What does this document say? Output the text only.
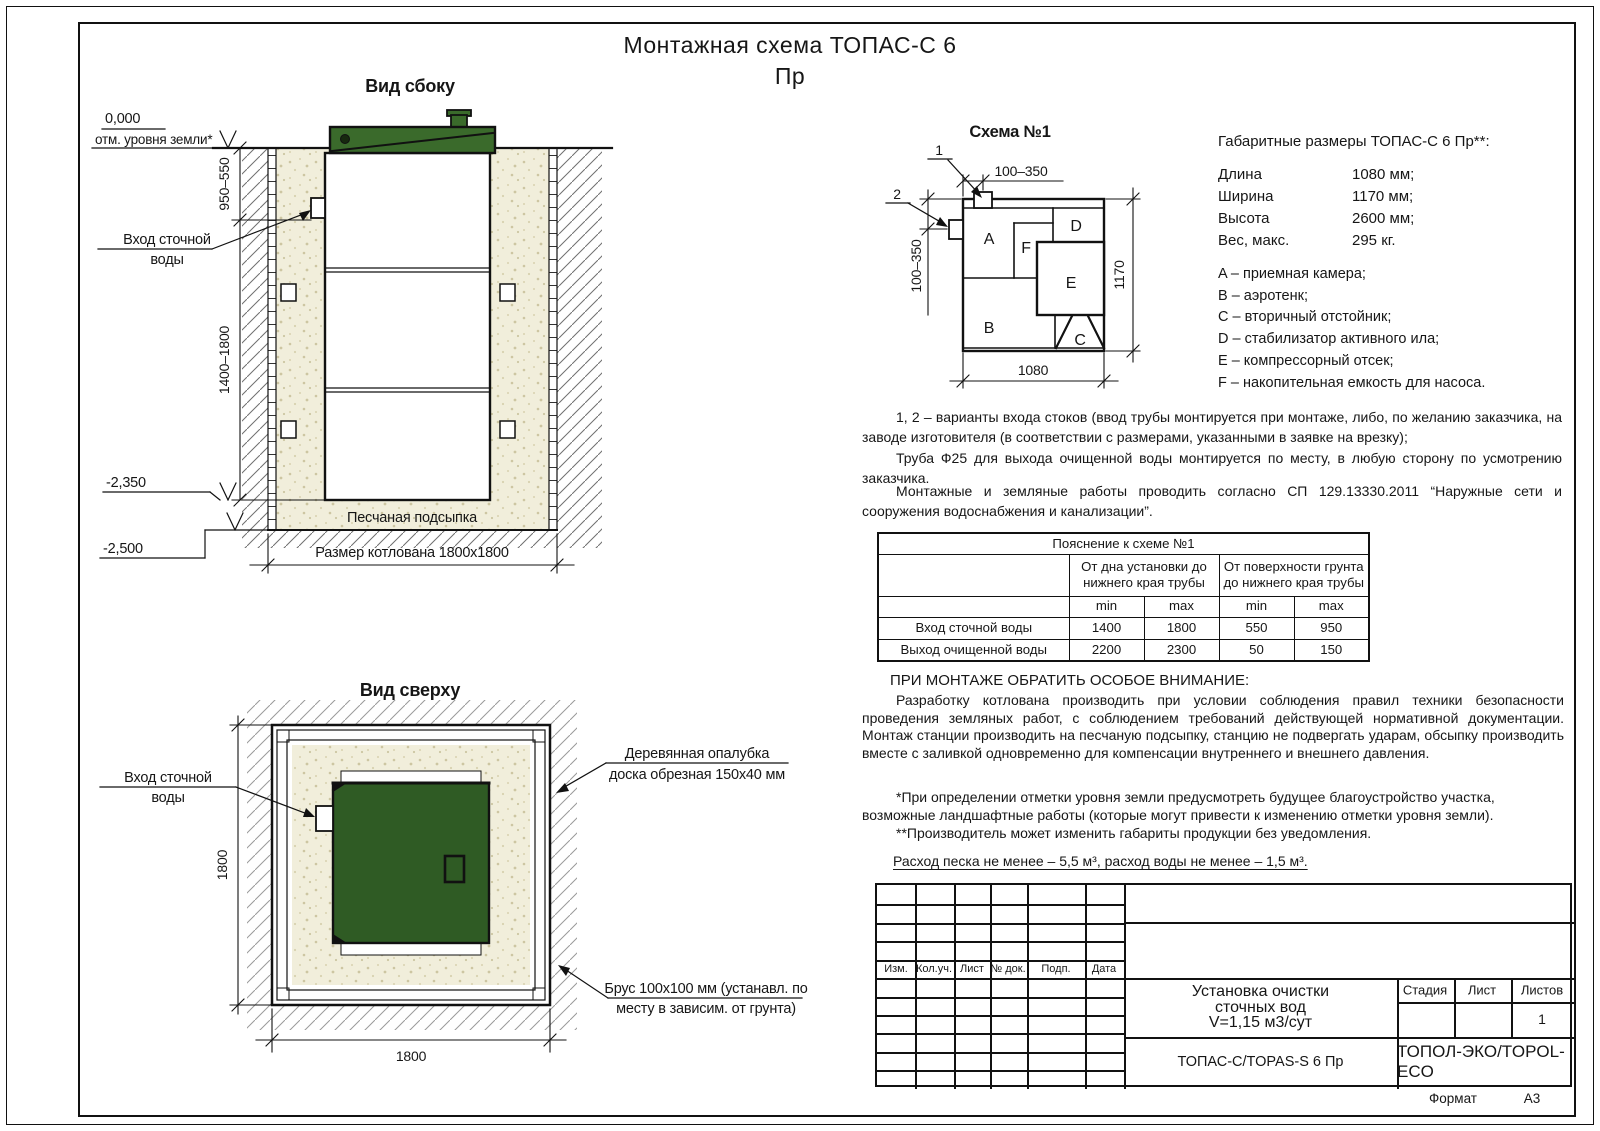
Вид сбоку
950–550
1400–1800
0,000
отм. уровня земли*
-2,350
-2,500
Вход сточной
воды
Песчаная подсыпка
Размер котлована 1800х1800
Вид сверху
1800
1800
Вход сточной
воды
Деревянная опалубка
доска обрезная 150х40 мм
Брус 100х100 мм (устанавл. по
месту в зависим. от грунта)
Схема №1
A
F
D
E
B
C
1
2
100–350
100–350
1080
1170
Монтажная схема ТОПАС-С 6
Пр
Габаритные размеры ТОПАС-С 6 Пр**:
Длина	1080 мм;
Ширина	1170 мм;
Высота	2600 мм;
Вес, макс.	295 кг.
A – приемная камера;
B – аэротенк;
C – вторичный отстойник;
D – стабилизатор активного ила;
E – компрессорный отсек;
F – накопительная емкость для насоса.
1, 2 – варианты входа стоков (ввод трубы монтируется при монтаже, либо, по желанию заказчика, на заводе изготовителя (в соответствии с размерами, указанными в заявке на врезку);
Труба Ф25 для выхода очищенной воды монтируется по месту, в любую сторону по усмотрению заказчика.
Монтажные и земляные работы проводить согласно СП 129.13330.2011 “Наружные сети и сооружения водоснабжения и канализации”.
Пояснение к схеме №1				
	От дна установки до нижнего края трубы		От поверхности грунта до нижнего края трубы	
	min	max	min	max
Вход сточной воды	1400	1800	550	950
Выход очищенной воды	2200	2300	50	150
ПРИ МОНТАЖЕ ОБРАТИТЬ ОСОБОЕ ВНИМАНИЕ:
Разработку котлована производить при условии соблюдения правил техники безопасности проведения земляных работ, с соблюдением требований действующей нормативной документации. Монтаж станции производить на песчаную подсыпку, станцию не подвергать ударам, обсыпку производить вместе с заливкой одновременно для компенсации внутреннего и внешнего давления.
*При определении отметки уровня земли предусмотреть будущее благоустройство участка, возможные ландшафтные работы (которые могут привести к изменению отметки уровня земли).
**Производитель может изменить габариты продукции без уведомления.
Расход песка не менее – 5,5 м³, расход воды не менее – 1,5 м³.
Изм. Кол.уч. Лист № док. Подп. Дата
Стадия Лист Листов
1
Установка очистки
сточных вод
V=1,15 м3/сут
ТОПАС-С/TOPAS-S 6 Пр
ТОПОЛ-ЭКО/TOPOL-ECO
Формат	А3
